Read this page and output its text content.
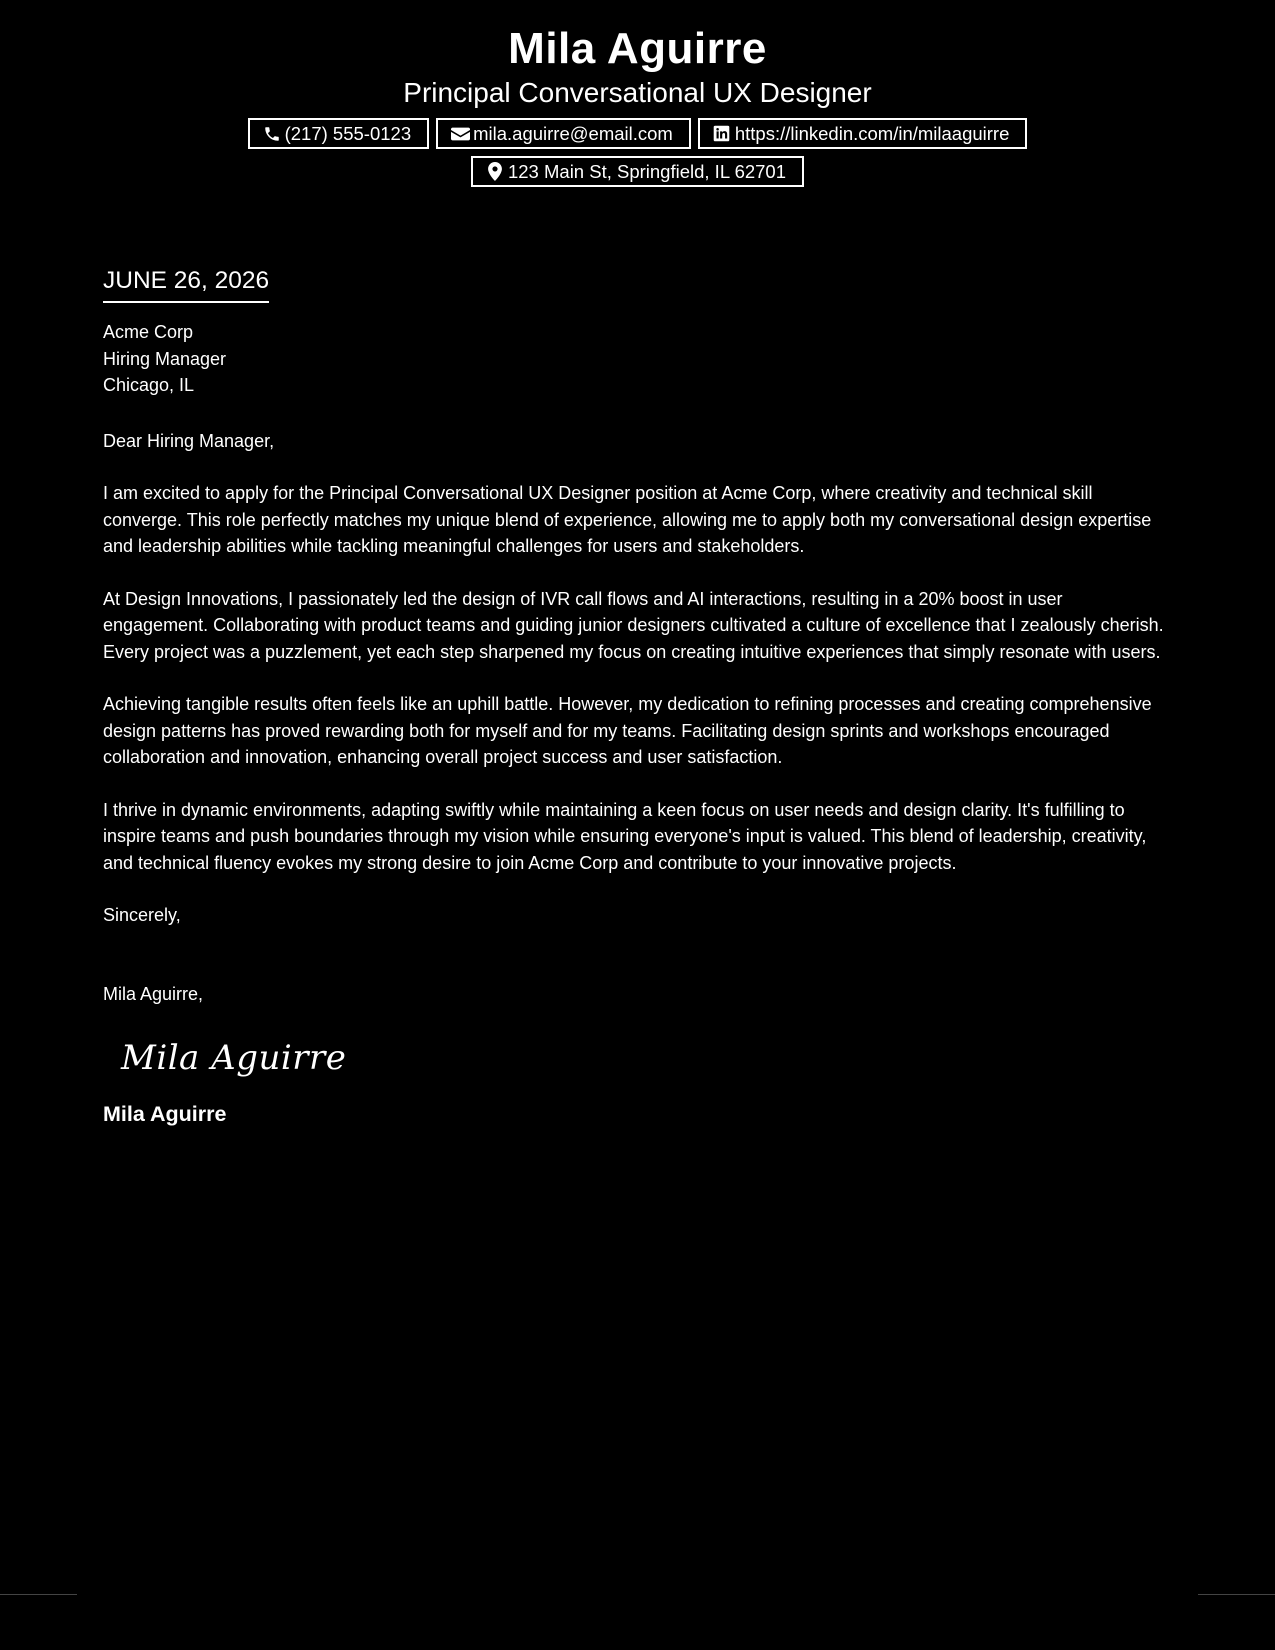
Mila Aguirre
Principal Conversational UX Designer
(217) 555-0123	mila.aguirre@email.com	https://linkedin.com/in/milaaguirre
123 Main St, Springfield, IL 62701
JUNE 26, 2026
Acme Corp
Hiring Manager
Chicago, IL
Dear Hiring Manager,

I am excited to apply for the Principal Conversational UX Designer position at Acme Corp, where creativity and technical skill converge. This role perfectly matches my unique blend of experience, allowing me to apply both my conversational design expertise and leadership abilities while tackling meaningful challenges for users and stakeholders.

At Design Innovations, I passionately led the design of IVR call flows and AI interactions, resulting in a 20% boost in user engagement. Collaborating with product teams and guiding junior designers cultivated a culture of excellence that I zealously cherish. Every project was a puzzlement, yet each step sharpened my focus on creating intuitive experiences that simply resonate with users.

Achieving tangible results often feels like an uphill battle. However, my dedication to refining processes and creating comprehensive design patterns has proved rewarding both for myself and for my teams. Facilitating design sprints and workshops encouraged collaboration and innovation, enhancing overall project success and user satisfaction.

I thrive in dynamic environments, adapting swiftly while maintaining a keen focus on user needs and design clarity. It's fulfilling to inspire teams and push boundaries through my vision while ensuring everyone's input is valued. This blend of leadership, creativity, and technical fluency evokes my strong desire to join Acme Corp and contribute to your innovative projects.

Sincerely,
Mila Aguirre,
Mila Aguirre
Mila Aguirre
